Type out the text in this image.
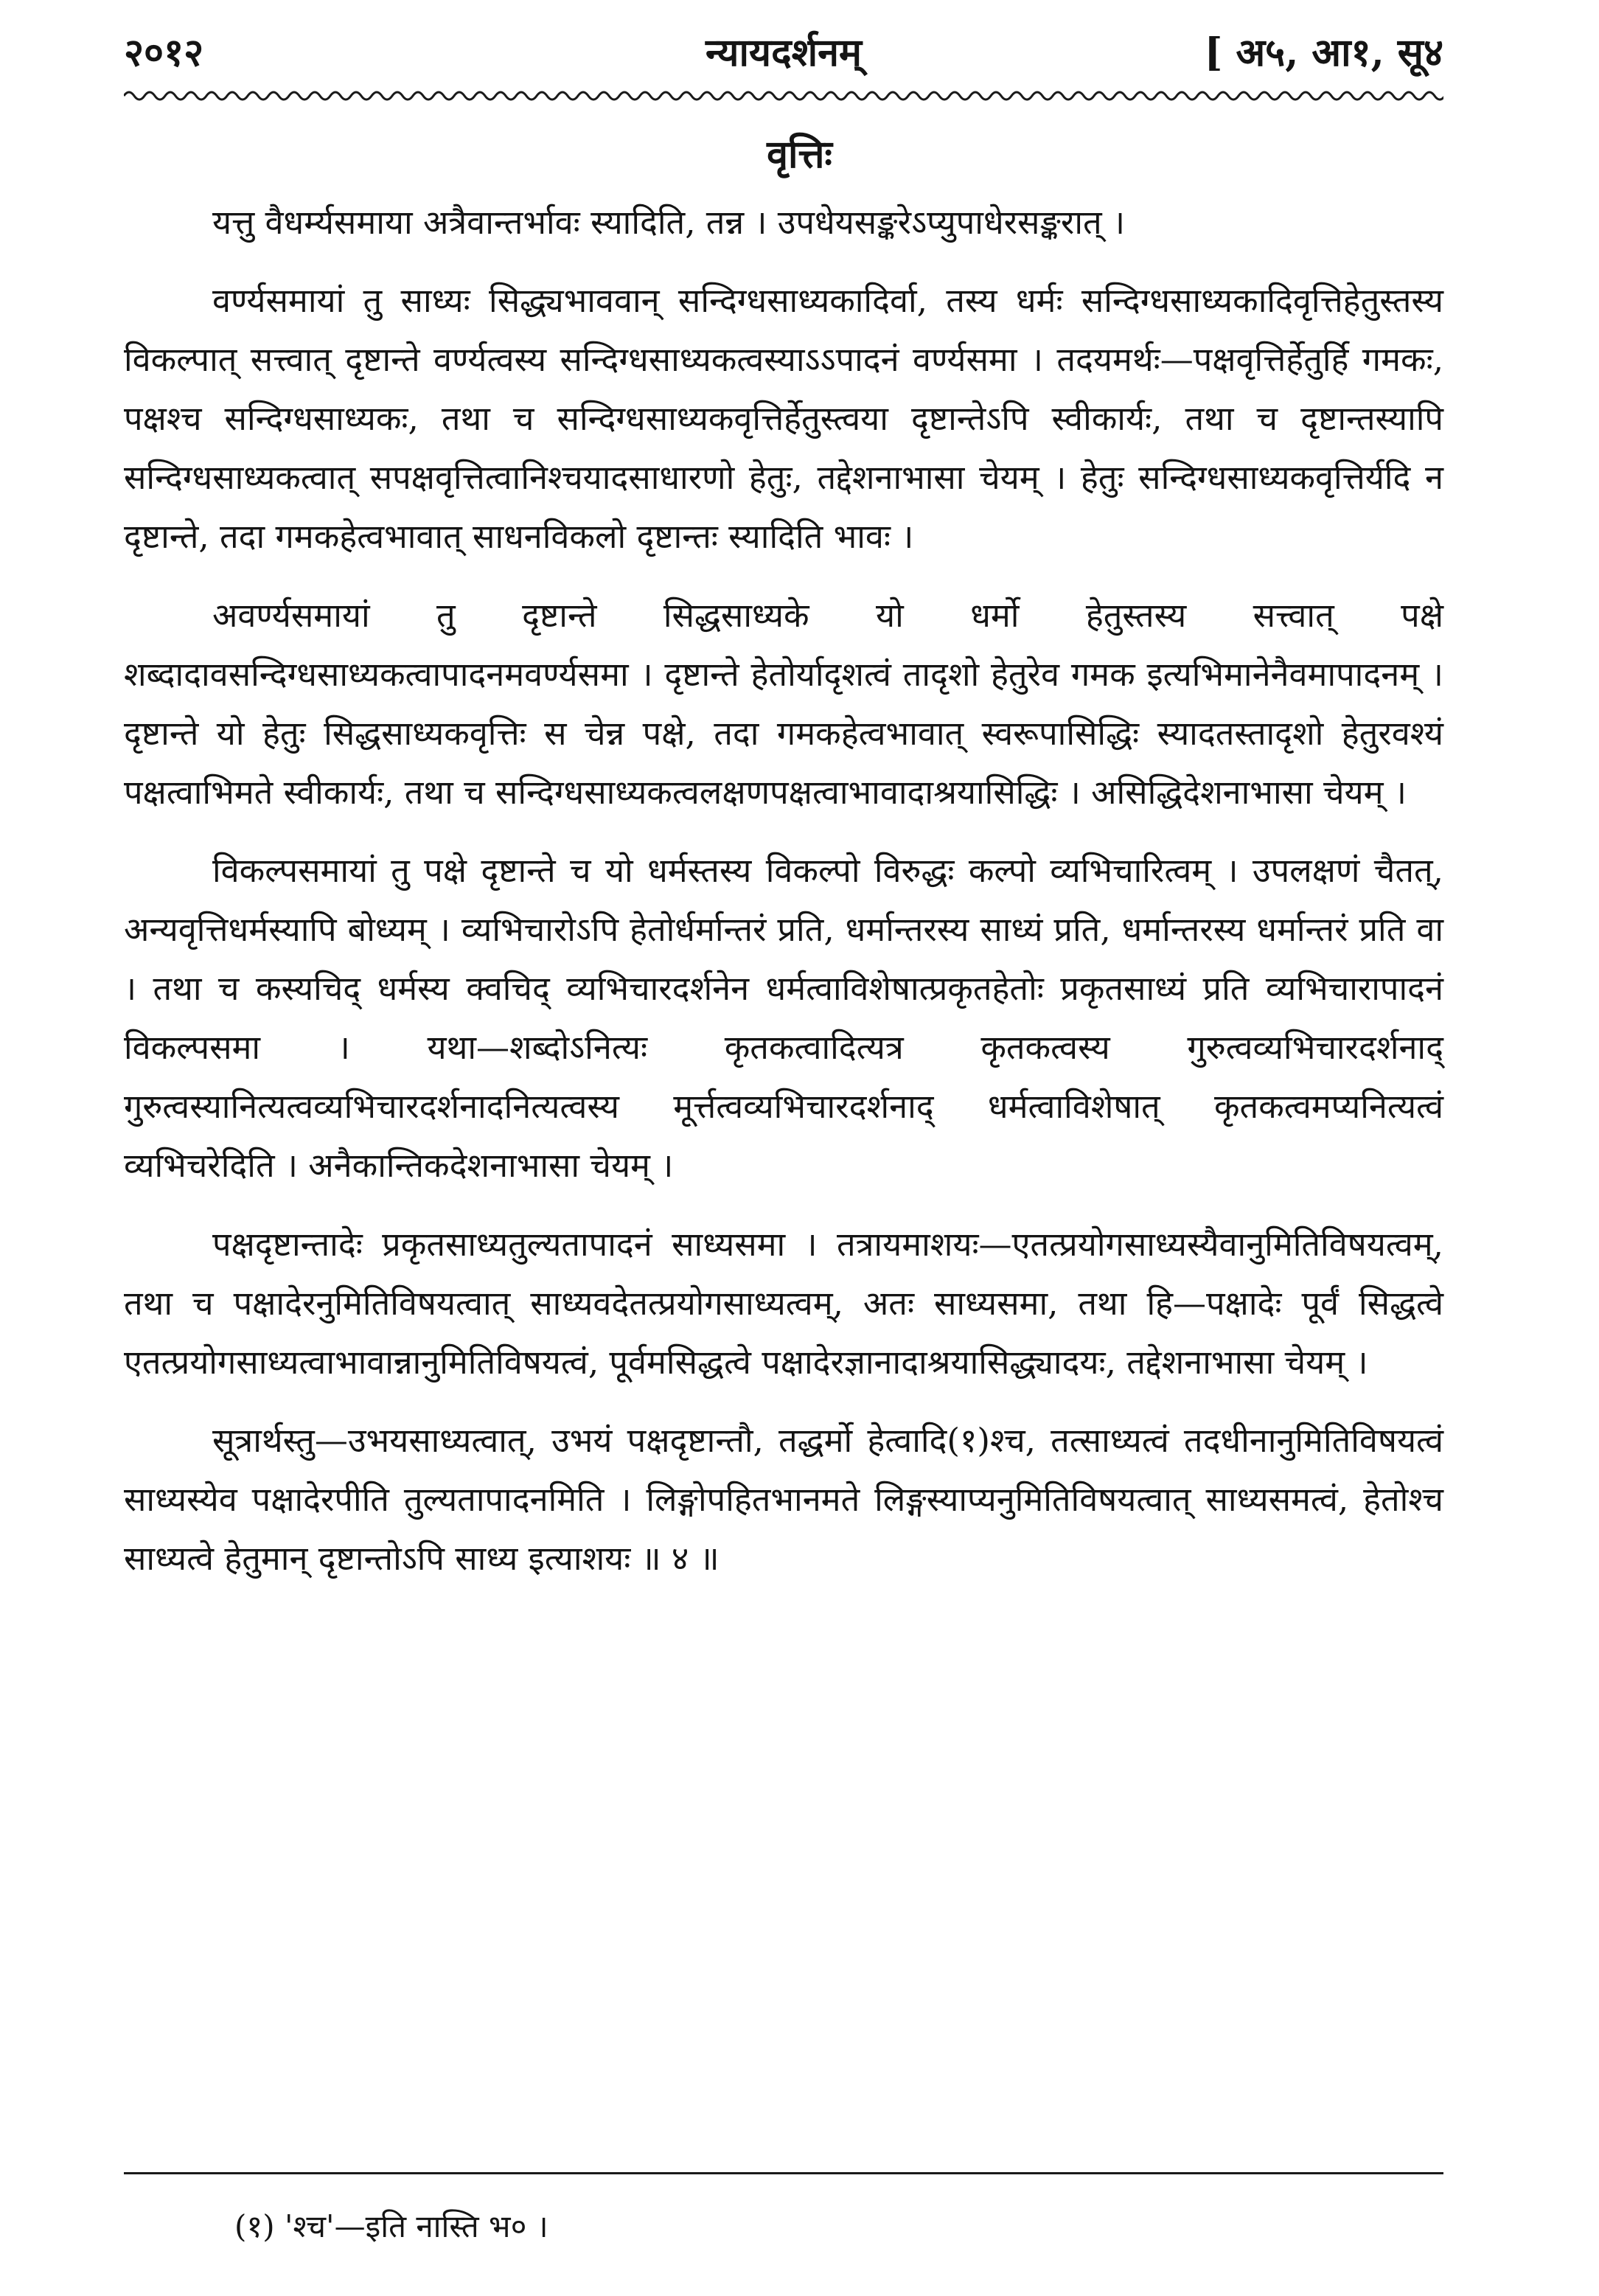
२०१२	न्यायदर्शनम्	[ अ५, आ१, सू४
वृत्तिः

यत्तु वैधर्म्यसमाया अत्रैवान्तर्भावः स्यादिति, तन्न । उपधेयसङ्करेऽप्युपाधेरसङ्करात् ।

वर्ण्यसमायां तु साध्यः सिद्ध्यभाववान् सन्दिग्धसाध्यकादिर्वा, तस्य धर्मः सन्दिग्धसाध्यकादिवृत्तिहेतुस्तस्य विकल्पात् सत्त्वात् दृष्टान्ते वर्ण्यत्वस्य सन्दिग्धसाध्यकत्वस्याऽऽपादनं वर्ण्यसमा । तदयमर्थः—पक्षवृत्तिर्हेतुर्हि गमकः, पक्षश्च सन्दिग्धसाध्यकः, तथा च सन्दिग्धसाध्यकवृत्तिर्हेतुस्त्वया दृष्टान्तेऽपि स्वीकार्यः, तथा च दृष्टान्तस्यापि सन्दिग्धसाध्यकत्वात् सपक्षवृत्तित्वानिश्चयादसाधारणो हेतुः, तद्देशनाभासा चेयम् । हेतुः सन्दिग्धसाध्यकवृत्तिर्यदि न दृष्टान्ते, तदा गमकहेत्वभावात् साधनविकलो दृष्टान्तः स्यादिति भावः ।

अवर्ण्यसमायां तु दृष्टान्ते सिद्धसाध्यके यो धर्मो हेतुस्तस्य सत्त्वात् पक्षे शब्दादावसन्दिग्धसाध्यकत्वापादनमवर्ण्यसमा । दृष्टान्ते हेतोर्यादृशत्वं तादृशो हेतुरेव गमक इत्यभिमानेनैवमापादनम् । दृष्टान्ते यो हेतुः सिद्धसाध्यकवृत्तिः स चेन्न पक्षे, तदा गमकहेत्वभावात् स्वरूपासिद्धिः स्यादतस्तादृशो हेतुरवश्यं पक्षत्वाभिमते स्वीकार्यः, तथा च सन्दिग्धसाध्यकत्वलक्षणपक्षत्वाभावादाश्रयासिद्धिः । असिद्धिदेशनाभासा चेयम् ।

विकल्पसमायां तु पक्षे दृष्टान्ते च यो धर्मस्तस्य विकल्पो विरुद्धः कल्पो व्यभिचारित्वम् । उपलक्षणं चैतत्, अन्यवृत्तिधर्मस्यापि बोध्यम् । व्यभिचारोऽपि हेतोर्धर्मान्तरं प्रति, धर्मान्तरस्य साध्यं प्रति, धर्मान्तरस्य धर्मान्तरं प्रति वा । तथा च कस्यचिद् धर्मस्य क्वचिद् व्यभिचारदर्शनेन धर्मत्वाविशेषात्प्रकृतहेतोः प्रकृतसाध्यं प्रति व्यभिचारापादनं विकल्पसमा । यथा—शब्दोऽनित्यः कृतकत्वादित्यत्र कृतकत्वस्य गुरुत्वव्यभिचारदर्शनाद् गुरुत्वस्यानित्यत्वव्यभिचारदर्शनादनित्यत्वस्य मूर्त्तत्वव्यभिचारदर्शनाद् धर्मत्वाविशेषात् कृतकत्वमप्यनित्यत्वं व्यभिचरेदिति । अनैकान्तिकदेशनाभासा चेयम् ।

पक्षदृष्टान्तादेः प्रकृतसाध्यतुल्यतापादनं साध्यसमा । तत्रायमाशयः—एतत्प्रयोगसाध्यस्यैवानुमितिविषयत्वम्, तथा च पक्षादेरनुमितिविषयत्वात् साध्यवदेतत्प्रयोगसाध्यत्वम्, अतः साध्यसमा, तथा हि—पक्षादेः पूर्वं सिद्धत्वे एतत्प्रयोगसाध्यत्वाभावान्नानुमितिविषयत्वं, पूर्वमसिद्धत्वे पक्षादेरज्ञानादाश्रयासिद्ध्यादयः, तद्देशनाभासा चेयम् ।

सूत्रार्थस्तु—उभयसाध्यत्वात्, उभयं पक्षदृष्टान्तौ, तद्धर्मो हेत्वादि(१)श्च, तत्साध्यत्वं तदधीनानुमितिविषयत्वं साध्यस्येव पक्षादेरपीति तुल्यतापादनमिति । लिङ्गोपहितभानमते लिङ्गस्याप्यनुमितिविषयत्वात् साध्यसमत्वं, हेतोश्च साध्यत्वे हेतुमान् दृष्टान्तोऽपि साध्य इत्याशयः ॥ ४ ॥

(१) 'श्च'—इति नास्ति भ० ।
